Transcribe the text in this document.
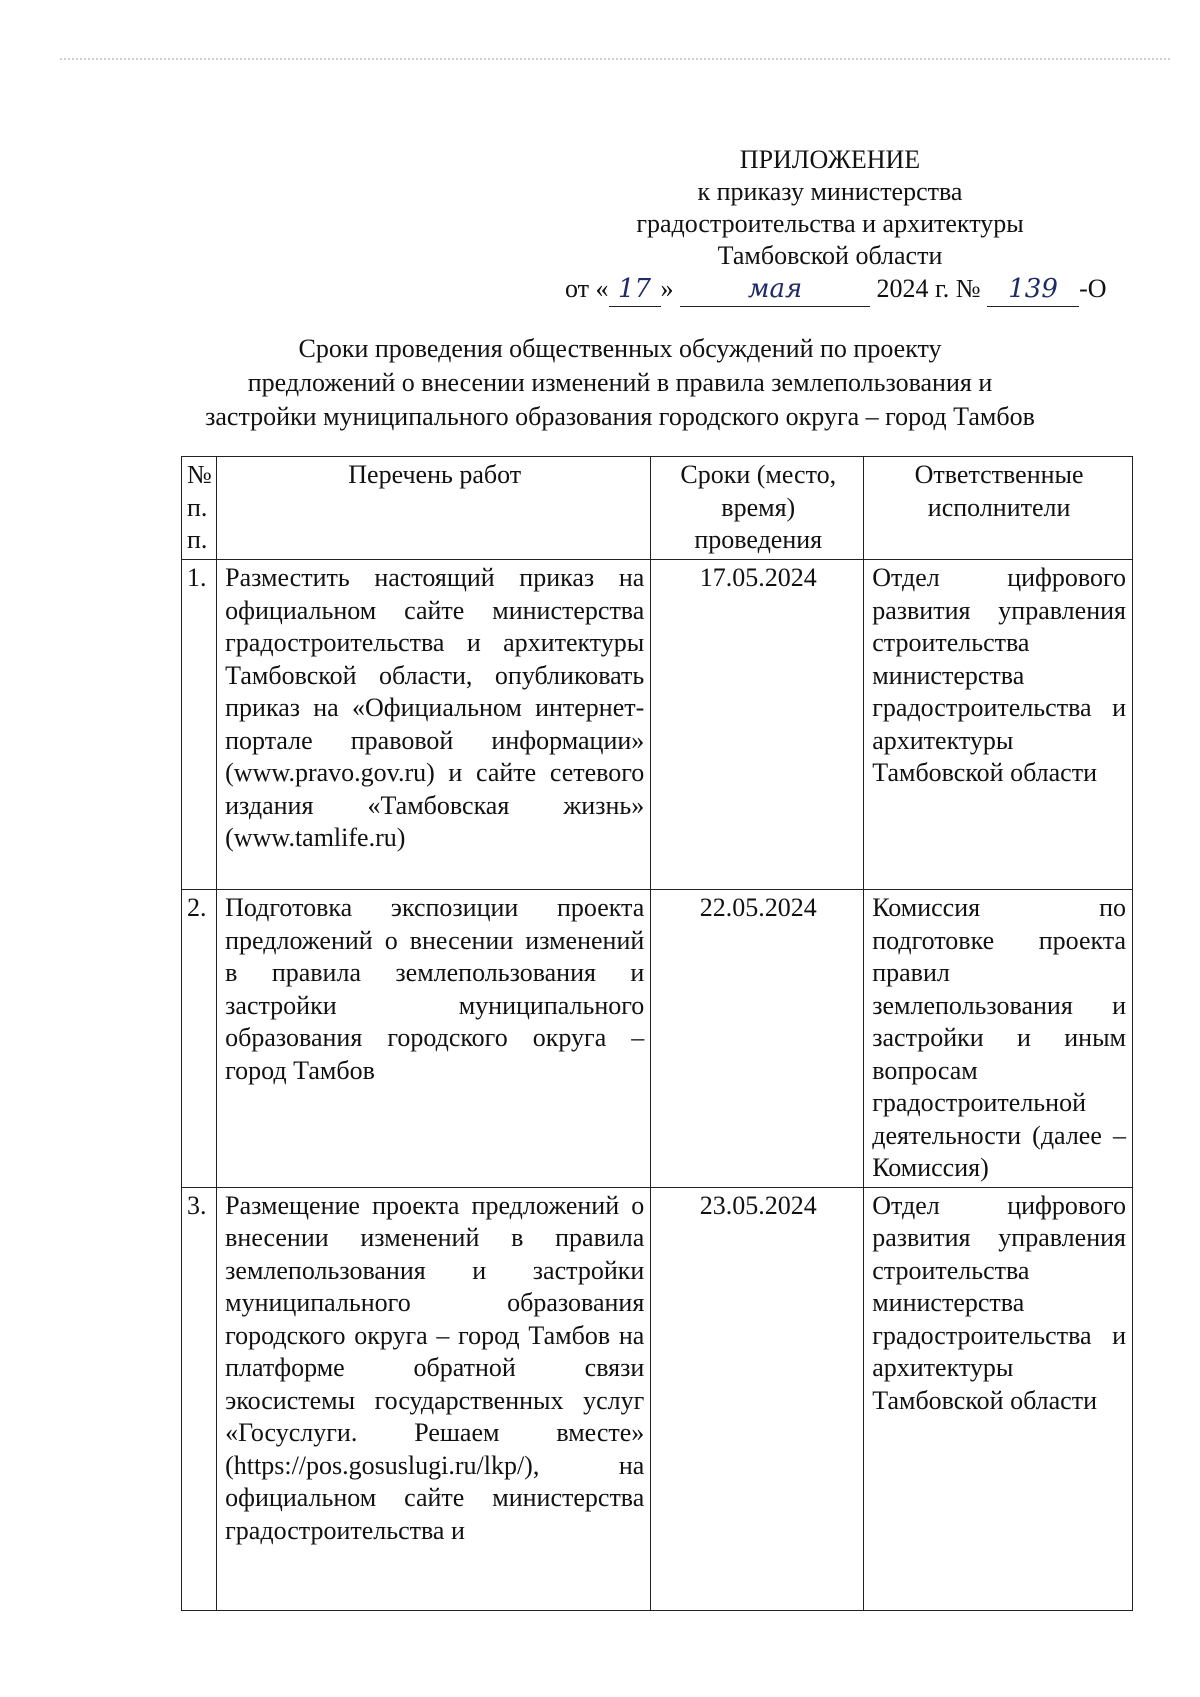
ПРИЛОЖЕНИЕ
к приказу министерства
градостроительства и архитектуры
Тамбовской области
от « 17 »	мая	2024 г. № 139 -О
Сроки проведения общественных обсуждений по проекту
предложений о внесении изменений в правила землепользования и
застройки муниципального образования городского округа – город Тамбов
№ п. п.	Перечень работ	Сроки (место, время) проведения	Ответственные исполнители
1.	Разместить настоящий приказ на официальном сайте министерства градостроительства и архитектуры Тамбовской области, опубликовать приказ на «Официальном интернет-портале правовой информации» (www.pravo.gov.ru) и сайте сетевого издания «Тамбовская жизнь» (www.tamlife.ru)	17.05.2024	Отдел цифрового развития управления строительства министерства градостроительства и архитектуры Тамбовской области
2.	Подготовка экспозиции проекта предложений о внесении изменений в правила землепользования и застройки муниципального образования городского округа – город Тамбов	22.05.2024	Комиссия по подготовке проекта правил землепользования и застройки и иным вопросам градостроительной деятельности (далее – Комиссия)
3.	Размещение проекта предложений о внесении изменений в правила землепользования и застройки муниципального образования городского округа – город Тамбов на платформе обратной связи экосистемы государственных услуг «Госуслуги. Решаем вместе» (https://pos.gosuslugi.ru/lkp/), на официальном сайте министерства градостроительства и	23.05.2024	Отдел цифрового развития управления строительства министерства градостроительства и архитектуры Тамбовской области
